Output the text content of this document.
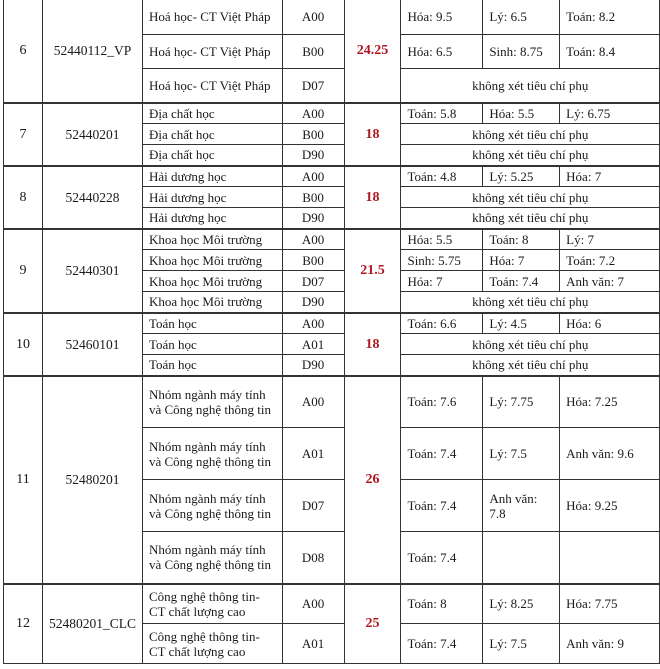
6	52440112_VP	Hoá học- CT Việt Pháp	A00	24.25	Hóa: 9.5	Lý: 6.5	Toán: 8.2
		Hoá học- CT Việt Pháp	B00		Hóa: 6.5	Sinh: 8.75	Toán: 8.4
		Hoá học- CT Việt Pháp	D07		không xét tiêu chí phụ		
7	52440201	Địa chất học	A00	18	Toán: 5.8	Hóa: 5.5	Lý: 6.75
		Địa chất học	B00		không xét tiêu chí phụ		
		Địa chất học	D90		không xét tiêu chí phụ		
8	52440228	Hải dương học	A00	18	Toán: 4.8	Lý: 5.25	Hóa: 7
		Hải dương học	B00		không xét tiêu chí phụ		
		Hải dương học	D90		không xét tiêu chí phụ		
9	52440301	Khoa học Môi trường	A00	21.5	Hóa: 5.5	Toán: 8	Lý: 7
		Khoa học Môi trường	B00		Sinh: 5.75	Hóa: 7	Toán: 7.2
		Khoa học Môi trường	D07		Hóa: 7	Toán: 7.4	Anh văn: 7
		Khoa học Môi trường	D90		không xét tiêu chí phụ		
10	52460101	Toán học	A00	18	Toán: 6.6	Lý: 4.5	Hóa: 6
		Toán học	A01		không xét tiêu chí phụ		
		Toán học	D90		không xét tiêu chí phụ		
11	52480201	Nhóm ngành máy tính và Công nghệ thông tin	A00	26	Toán: 7.6	Lý: 7.75	Hóa: 7.25
		Nhóm ngành máy tính và Công nghệ thông tin	A01		Toán: 7.4	Lý: 7.5	Anh văn: 9.6
		Nhóm ngành máy tính và Công nghệ thông tin	D07		Toán: 7.4	Anh văn: 7.8	Hóa: 9.25
		Nhóm ngành máy tính và Công nghệ thông tin	D08		Toán: 7.4		
12	52480201_CLC	Công nghệ thông tin- CT chất lượng cao	A00	25	Toán: 8	Lý: 8.25	Hóa: 7.75
		Công nghệ thông tin- CT chất lượng cao	A01		Toán: 7.4	Lý: 7.5	Anh văn: 9
